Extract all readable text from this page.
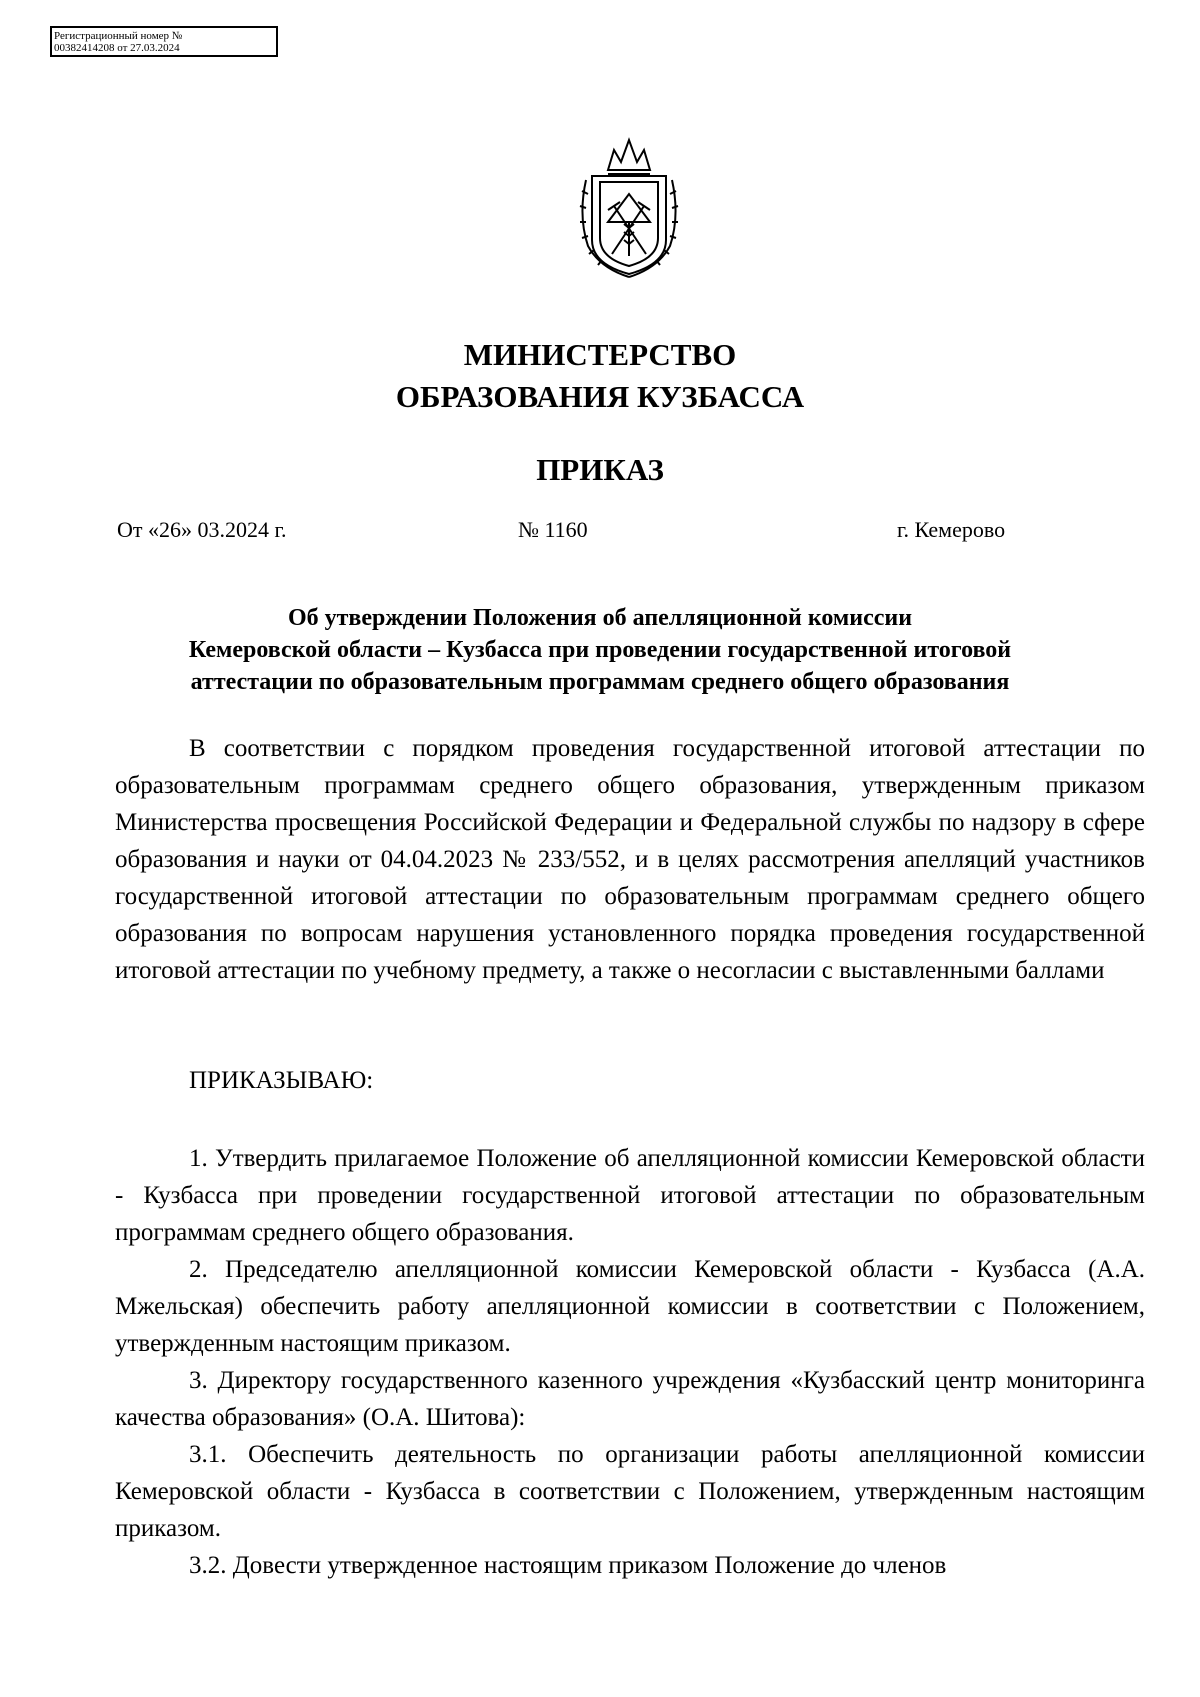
Регистрационный номер №
00382414208 от 27.03.2024
МИНИСТЕРСТВО
ОБРАЗОВАНИЯ КУЗБАССА
ПРИКАЗ
От «26» 03.2024 г.	№ 1160	г. Кемерово
Об утверждении Положения об апелляционной комиссии
Кемеровской области – Кузбасса при проведении государственной итоговой
аттестации по образовательным программам среднего общего образования

В соответствии с порядком проведения государственной итоговой аттестации по образовательным программам среднего общего образования, утвержденным приказом Министерства просвещения Российской Федерации и Федеральной службы по надзору в сфере образования и науки от 04.04.2023 № 233/552, и в целях рассмотрения апелляций участников государственной итоговой аттестации по образовательным программам среднего общего образования по вопросам нарушения установленного порядка проведения государственной итоговой аттестации по учебному предмету, а также о несогласии с выставленными баллами

ПРИКАЗЫВАЮ:

1. Утвердить прилагаемое Положение об апелляционной комиссии Кемеровской области - Кузбасса при проведении государственной итоговой аттестации по образовательным программам среднего общего образования.

2. Председателю апелляционной комиссии Кемеровской области - Кузбасса (А.А. Мжельская) обеспечить работу апелляционной комиссии в соответствии с Положением, утвержденным настоящим приказом.

3. Директору государственного казенного учреждения «Кузбасский центр мониторинга качества образования» (О.А. Шитова):

3.1. Обеспечить деятельность по организации работы апелляционной комиссии Кемеровской области - Кузбасса в соответствии с Положением, утвержденным настоящим приказом.

3.2. Довести утвержденное настоящим приказом Положение до членов
